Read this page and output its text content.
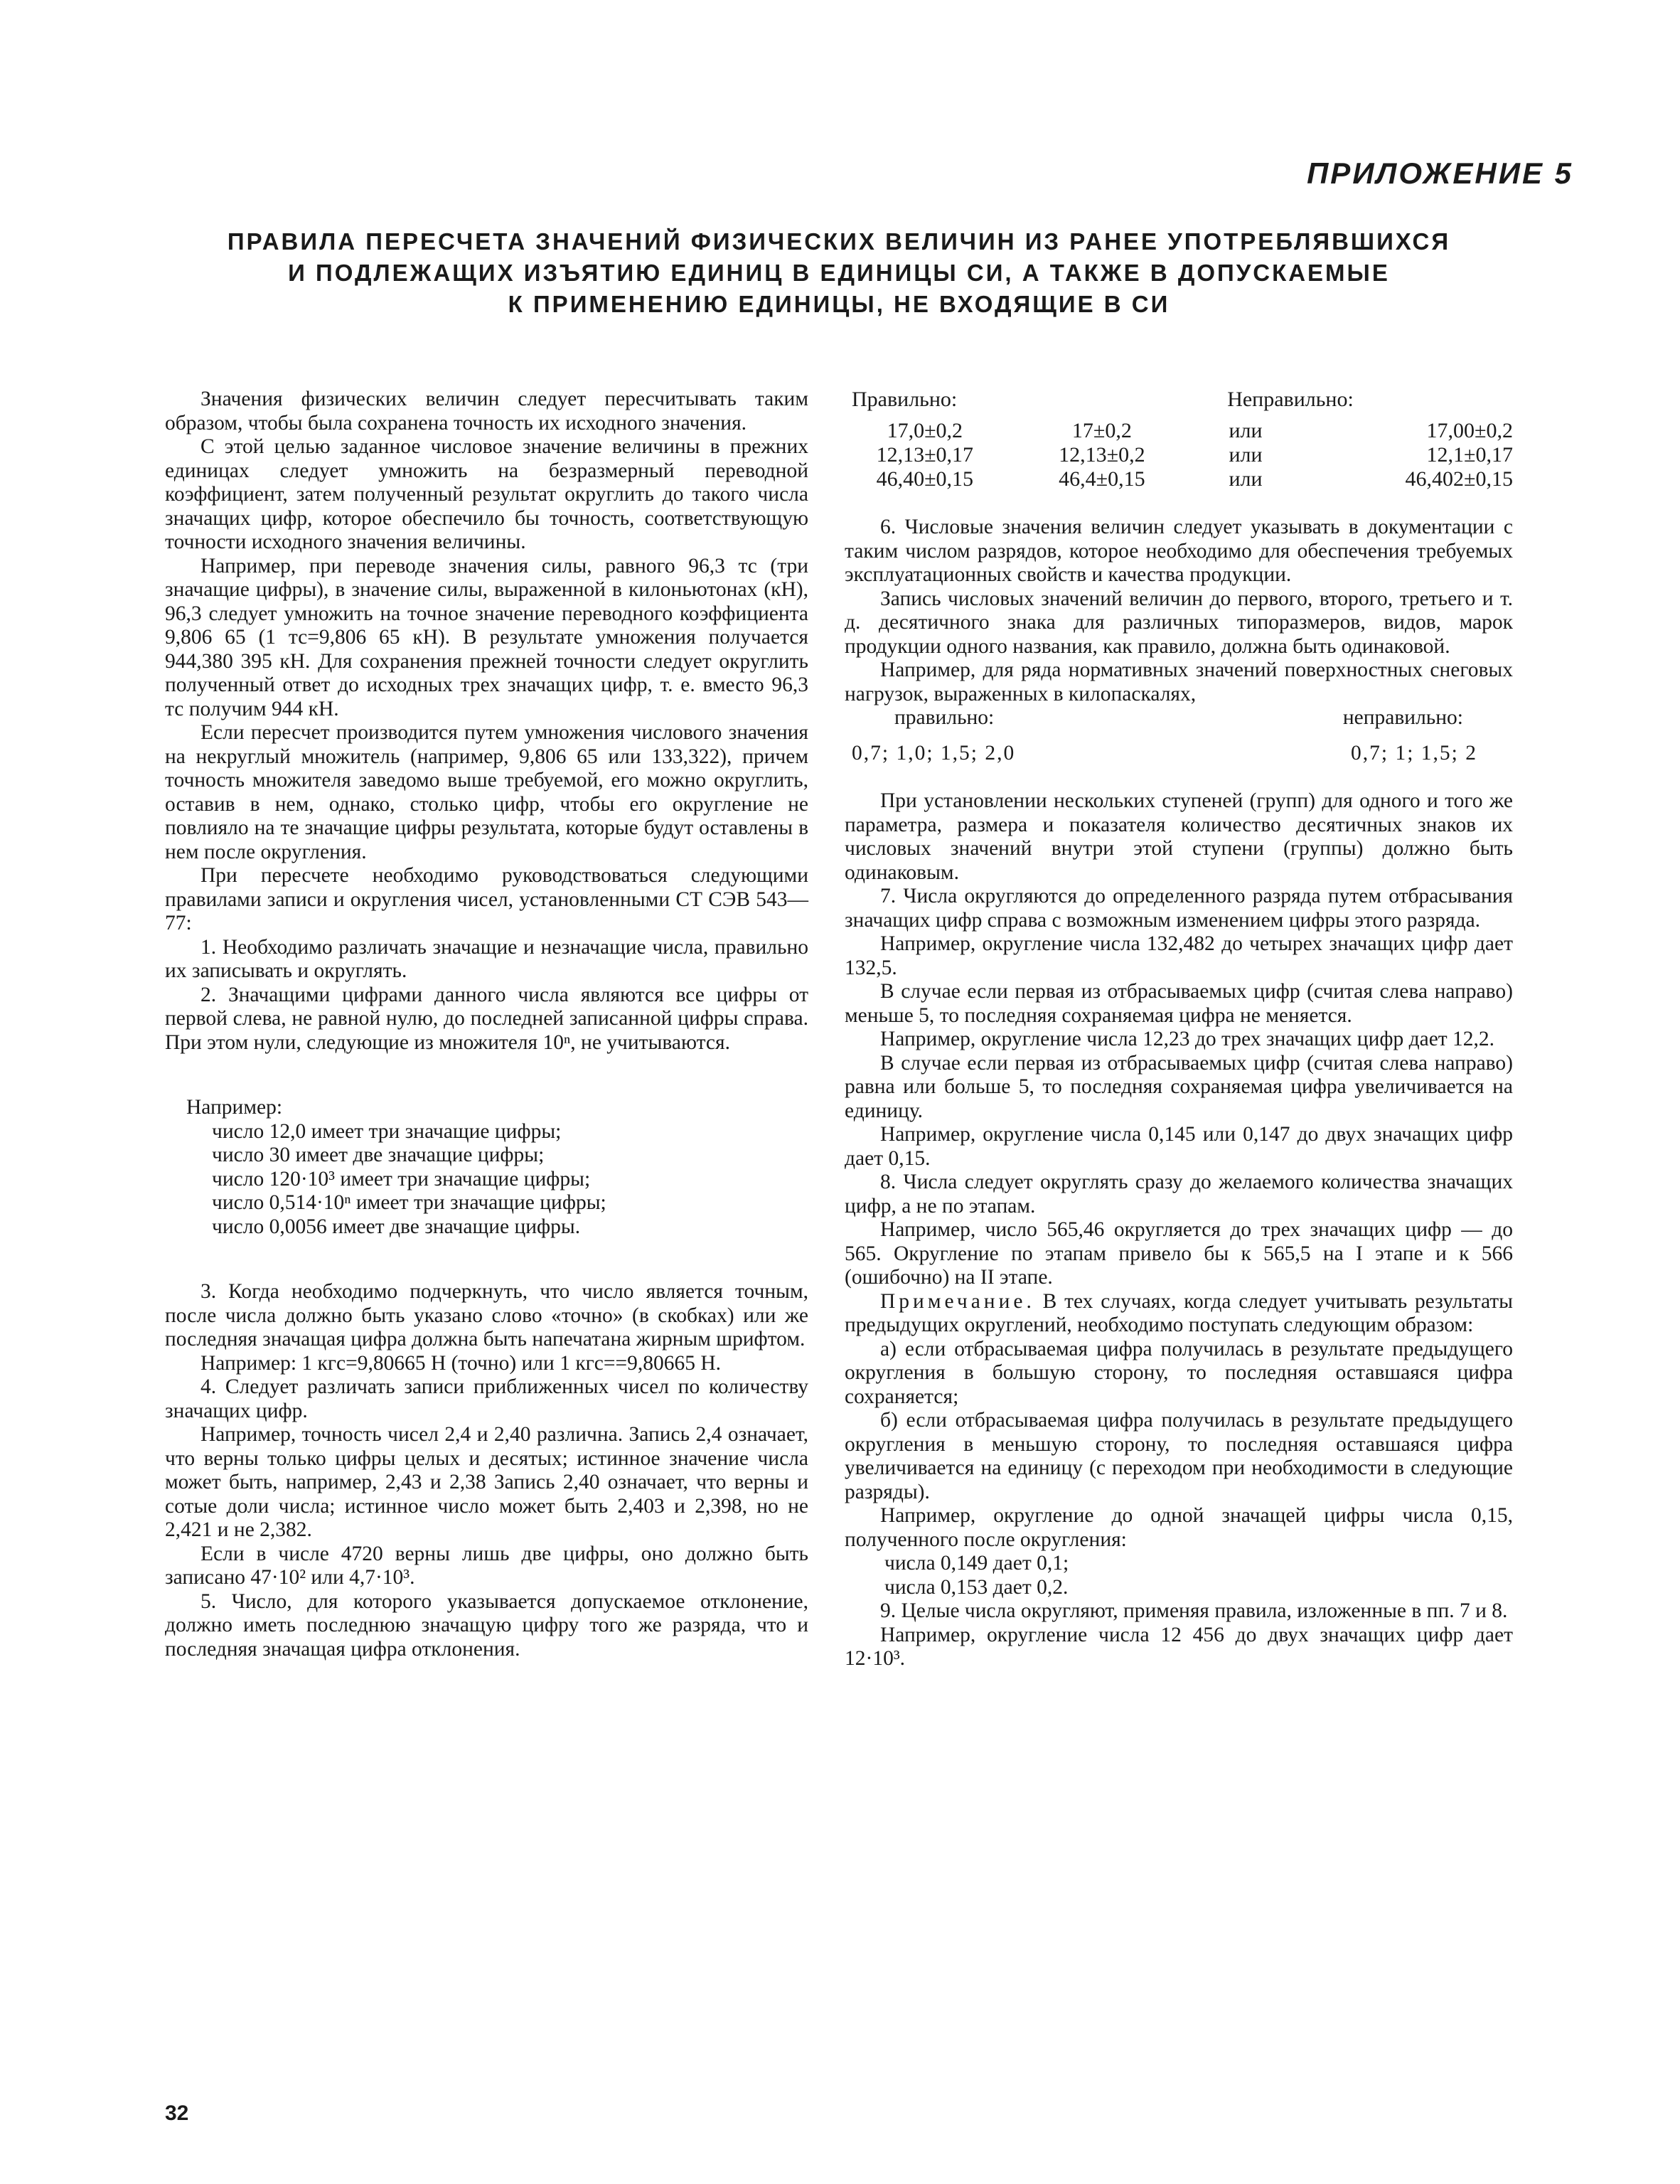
ПРИЛОЖЕНИЕ 5
ПРАВИЛА ПЕРЕСЧЕТА ЗНАЧЕНИЙ ФИЗИЧЕСКИХ ВЕЛИЧИН ИЗ РАНЕЕ УПОТРЕБЛЯВШИХСЯ
И ПОДЛЕЖАЩИХ ИЗЪЯТИЮ ЕДИНИЦ В ЕДИНИЦЫ СИ, А ТАКЖЕ В ДОПУСКАЕМЫЕ
К ПРИМЕНЕНИЮ ЕДИНИЦЫ, НЕ ВХОДЯЩИЕ В СИ

Значения физических величин следует пересчитывать таким образом, чтобы была сохранена точность их исходного значения.

С этой целью заданное числовое значение величины в прежних единицах следует умножить на безразмерный переводной коэффициент, затем полученный результат округлить до такого числа значащих цифр, которое обеспечило бы точность, соответствующую точности исходного значения величины.

Например, при переводе значения силы, равного 96,3 тс (три значащие цифры), в значение силы, выраженной в килоньютонах (кН), 96,3 следует умножить на точное значение переводного коэффициента 9,806 65 (1 тс=9,806 65 кН). В результате умножения получается 944,380 395 кН. Для сохранения прежней точности следует округлить полученный ответ до исходных трех значащих цифр, т. е. вместо 96,3 тс получим 944 кН.

Если пересчет производится путем умножения числового значения на некруглый множитель (например, 9,806 65 или 133,322), причем точность множителя заведомо выше требуемой, его можно округлить, оставив в нем, однако, столько цифр, чтобы его округление не повлияло на те значащие цифры результата, которые будут оставлены в нем после округления.

При пересчете необходимо руководствоваться следующими правилами записи и округления чисел, установленными СТ СЭВ 543—77:

1. Необходимо различать значащие и незначащие числа, правильно их записывать и округлять.

2. Значащими цифрами данного числа являются все цифры от первой слева, не равной нулю, до последней записанной цифры справа. При этом нули, следующие из множителя 10ⁿ, не учитываются.

Например:

число 12,0 имеет три значащие цифры;

число 30 имеет две значащие цифры;

число 120·10³ имеет три значащие цифры;

число 0,514·10ⁿ имеет три значащие цифры;

число 0,0056 имеет две значащие цифры.

3. Когда необходимо подчеркнуть, что число является точным, после числа должно быть указано слово «точно» (в скобках) или же последняя значащая цифра должна быть напечатана жирным шрифтом.

Например: 1 кгс=9,80665 Н (точно) или 1 кгс==9,80665 Н.

4. Следует различать записи приближенных чисел по количеству значащих цифр.

Например, точность чисел 2,4 и 2,40 различна. Запись 2,4 означает, что верны только цифры целых и десятых; истинное значение числа может быть, например, 2,43 и 2,38 Запись 2,40 означает, что верны и сотые доли числа; истинное число может быть 2,403 и 2,398, но не 2,421 и не 2,382.

Если в числе 4720 верны лишь две цифры, оно должно быть записано 47·10² или 4,7·10³.

5. Число, для которого указывается допускаемое отклонение, должно иметь последнюю значащую цифру того же разряда, что и последняя значащая цифра отклонения.

Правильно:		Неправильно:	
17,0±0,2	17±0,2	или	17,00±0,2
12,13±0,17	12,13±0,2	или	12,1±0,17
46,40±0,15	46,4±0,15	или	46,402±0,15

6. Числовые значения величин следует указывать в документации с таким числом разрядов, которое необходимо для обеспечения требуемых эксплуатационных свойств и качества продукции.

Запись числовых значений величин до первого, второго, третьего и т. д. десятичного знака для различных типоразмеров, видов, марок продукции одного названия, как правило, должна быть одинаковой.

Например, для ряда нормативных значений поверхностных снеговых нагрузок, выраженных в килопаскалях,

правильно:	неправильно:
0,7; 1,0; 1,5; 2,0	0,7; 1; 1,5; 2

При установлении нескольких ступеней (групп) для одного и того же параметра, размера и показателя количество десятичных знаков их числовых значений внутри этой ступени (группы) должно быть одинаковым.

7. Числа округляются до определенного разряда путем отбрасывания значащих цифр справа с возможным изменением цифры этого разряда.

Например, округление числа 132,482 до четырех значащих цифр дает 132,5.

В случае если первая из отбрасываемых цифр (считая слева направо) меньше 5, то последняя сохраняемая цифра не меняется.

Например, округление числа 12,23 до трех значащих цифр дает 12,2.

В случае если первая из отбрасываемых цифр (считая слева направо) равна или больше 5, то последняя сохраняемая цифра увеличивается на единицу.

Например, округление числа 0,145 или 0,147 до двух значащих цифр дает 0,15.

8. Числа следует округлять сразу до желаемого количества значащих цифр, а не по этапам.

Например, число 565,46 округляется до трех значащих цифр — до 565. Округление по этапам привело бы к 565,5 на I этапе и к 566 (ошибочно) на II этапе.

Примечание. В тех случаях, когда следует учитывать результаты предыдущих округлений, необходимо поступать следующим образом:

а) если отбрасываемая цифра получилась в результате предыдущего округления в большую сторону, то последняя оставшаяся цифра сохраняется;

б) если отбрасываемая цифра получилась в результате предыдущего округления в меньшую сторону, то последняя оставшаяся цифра увеличивается на единицу (с переходом при необходимости в следующие разряды).

Например, округление до одной значащей цифры числа 0,15, полученного после округления:

числа 0,149 дает 0,1;

числа 0,153 дает 0,2.

9. Целые числа округляют, применяя правила, изложенные в пп. 7 и 8.

Например, округление числа 12 456 до двух значащих цифр дает 12·10³.

32
